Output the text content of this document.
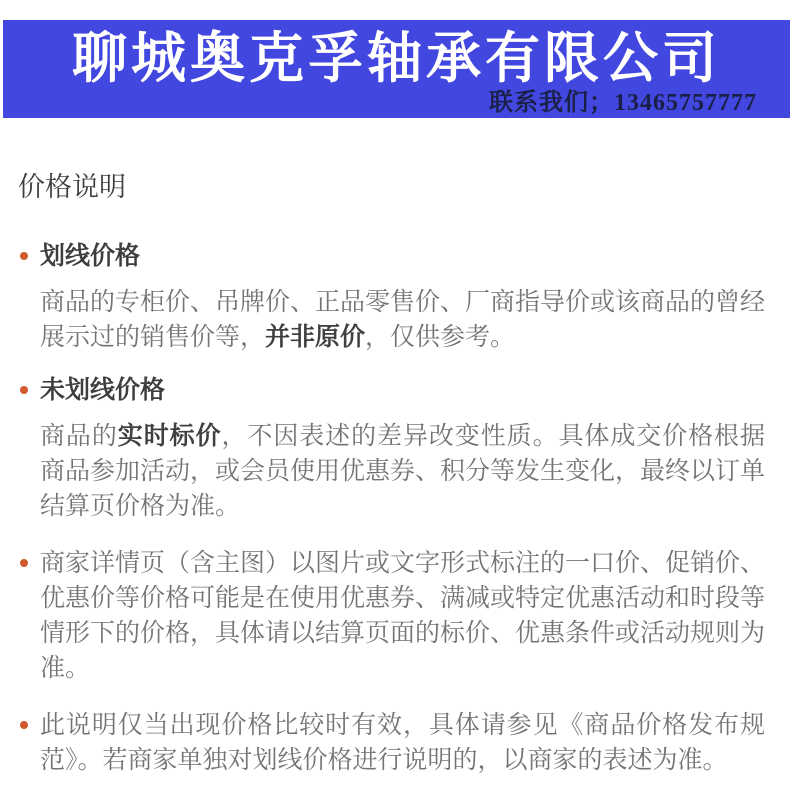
聊城奥克孚轴承有限公司
联系我们；13465757777
价格说明
划线价格

商品的专柜价、吊牌价、正品零售价、厂商指导价或该商品的曾经展示过的销售价等，并非原价，仅供参考。

未划线价格

商品的实时标价，不因表述的差异改变性质。具体成交价格根据商品参加活动，或会员使用优惠券、积分等发生变化，最终以订单结算页价格为准。

商家详情页（含主图）以图片或文字形式标注的一口价、促销价、优惠价等价格可能是在使用优惠券、满减或特定优惠活动和时段等情形下的价格，具体请以结算页面的标价、优惠条件或活动规则为准。

此说明仅当出现价格比较时有效，具体请参见《商品价格发布规范》。若商家单独对划线价格进行说明的，以商家的表述为准。
